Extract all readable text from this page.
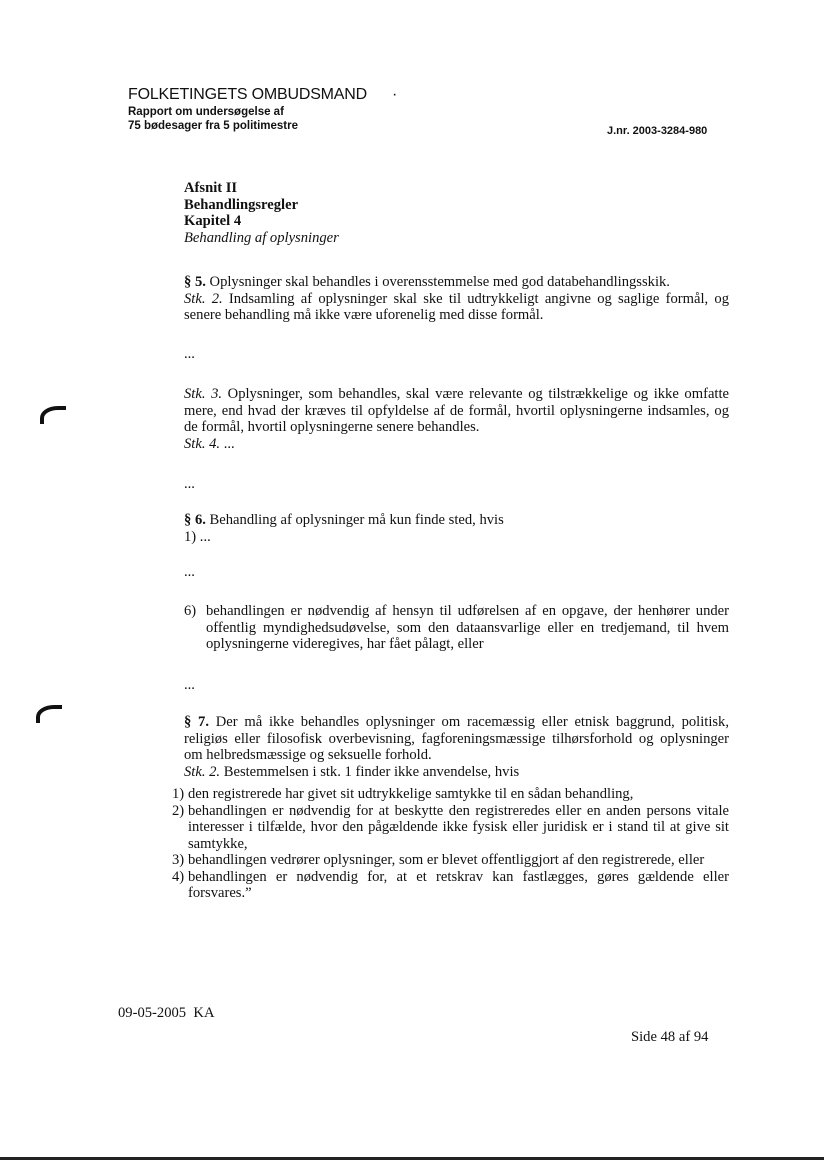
FOLKETINGETS OMBUDSMAND ·
Rapport om undersøgelse af
75 bødesager fra 5 politimestre	J.nr. 2003-3284-980

Afsnit II

Behandlingsregler

Kapitel 4

Behandling af oplysninger

§ 5. Oplysninger skal behandles i overensstemmelse med god databehandlingsskik.

Stk. 2. Indsamling af oplysninger skal ske til udtrykkeligt angivne og saglige formål, og senere behandling må ikke være uforenelig med disse formål.

...

Stk. 3. Oplysninger, som behandles, skal være relevante og tilstrækkelige og ikke omfatte mere, end hvad der kræves til opfyldelse af de formål, hvortil oplysningerne indsamles, og de formål, hvortil oplysningerne senere behandles.

Stk. 4. ...

...

§ 6. Behandling af oplysninger må kun finde sted, hvis

1) ...

...
6) behandlingen er nødvendig af hensyn til udførelsen af en opgave, der henhører under offentlig myndighedsudøvelse, som den dataansvarlige eller en tredjemand, til hvem oplysningerne videregives, har fået pålagt, eller
...

§ 7. Der må ikke behandles oplysninger om racemæssig eller etnisk baggrund, politisk, religiøs eller filosofisk overbevisning, fagforeningsmæssige tilhørsforhold og oplysninger om helbredsmæssige og seksuelle forhold.

Stk. 2. Bestemmelsen i stk. 1 finder ikke anvendelse, hvis

1) den registrerede har givet sit udtrykkelige samtykke til en sådan behandling,
2) behandlingen er nødvendig for at beskytte den registreredes eller en anden persons vitale interesser i tilfælde, hvor den pågældende ikke fysisk eller juridisk er i stand til at give sit samtykke,
3) behandlingen vedrører oplysninger, som er blevet offentliggjort af den registrerede, eller
4) behandlingen er nødvendig for, at et retskrav kan fastlægges, gøres gældende eller forsvares.”
09-05-2005 KA
Side 48 af 94
